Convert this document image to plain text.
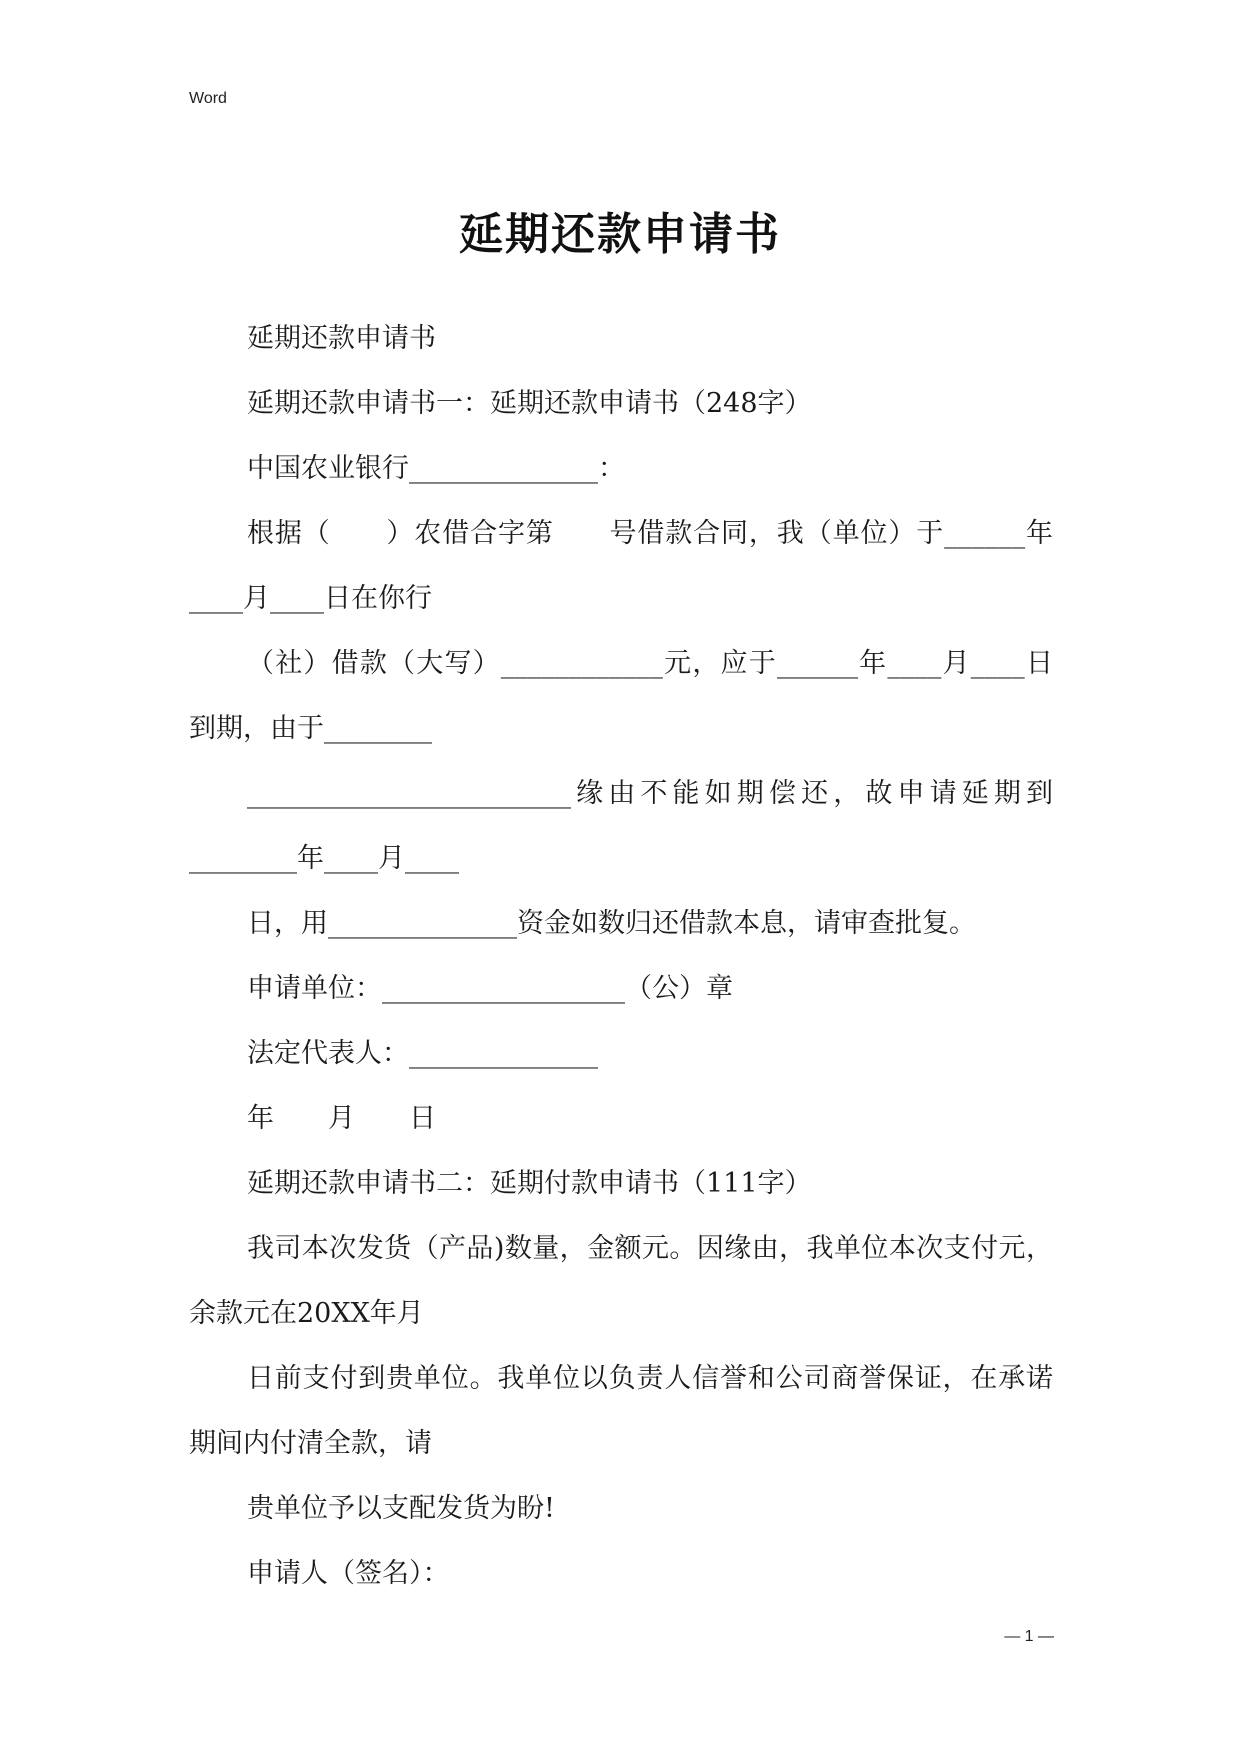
Word
延期还款申请书

延期还款申请书

延期还款申请书一：延期还款申请书（248字）

中国农业银行______________：

根据（　　）农借合字第　　号借款合同，我（单位）于______年____月____日在你行

（社）借款（大写）____________元，应于______年____月____日到期，由于________

________________________缘由不能如期偿还，故申请延期到________年____月____

日，用______________资金如数归还借款本息，请审查批复。

申请单位：__________________（公）章

法定代表人：______________

年　　月　　日

延期还款申请书二：延期付款申请书（111字）

我司本次发货（产品)数量，金额元。因缘由，我单位本次支付元，余款元在20XX年月

日前支付到贵单位。我单位以负责人信誉和公司商誉保证，在承诺期间内付清全款，请

贵单位予以支配发货为盼!

申请人（签名）：

— 1 —
